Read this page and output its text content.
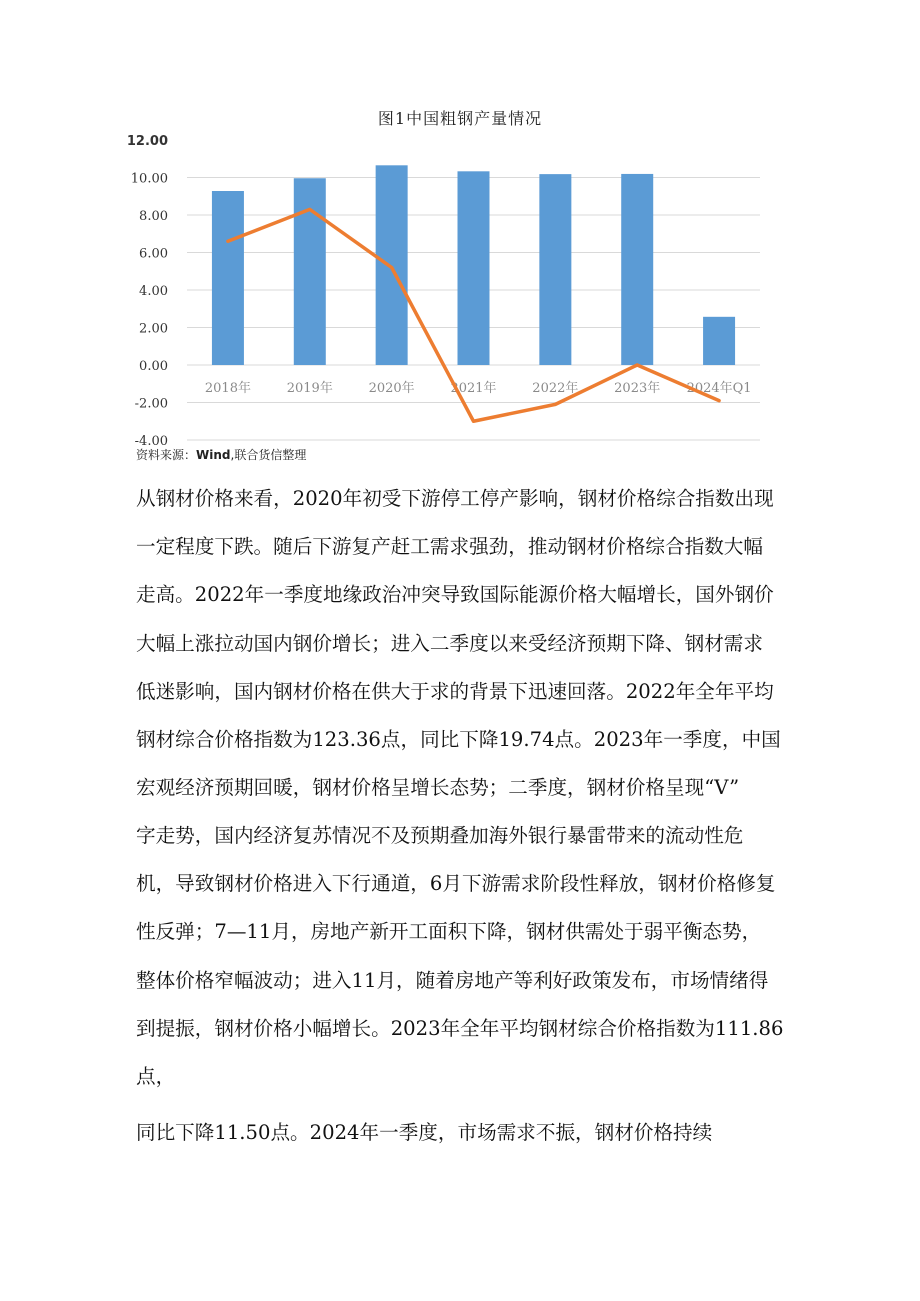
图1中国粗钢产量情况
-4.00
-2.00
0.00
2.00
4.00
6.00
8.00
10.00
12.00
2018年	2019年	2020年	2021年	2022年	2023年 2024年Q1
资料来源：Wind,联合货信整理
从钢材价格来看，2020年初受下游停工停产影响，钢材价格综合指数出现
一定程度下跌。随后下游复产赶工需求强劲，推动钢材价格综合指数大幅
走高。2022年一季度地缘政治冲突导致国际能源价格大幅增长，国外钢价
大幅上涨拉动国内钢价增长；进入二季度以来受经济预期下降、钢材需求
低迷影响，国内钢材价格在供大于求的背景下迅速回落。2022年全年平均
钢材综合价格指数为123.36点，同比下降19.74点。2023年一季度，中国
宏观经济预期回暖，钢材价格呈增长态势；二季度，钢材价格呈现“V”
字走势，国内经济复苏情况不及预期叠加海外银行暴雷带来的流动性危
机，导致钢材价格进入下行通道，6月下游需求阶段性释放，钢材价格修复
性反弹；7—11月，房地产新开工面积下降，钢材供需处于弱平衡态势，
整体价格窄幅波动；进入11月，随着房地产等利好政策发布，市场情绪得
到提振，钢材价格小幅增长。2023年全年平均钢材综合价格指数为111.86
点，
同比下降11.50点。2024年一季度，市场需求不振，钢材价格持续
